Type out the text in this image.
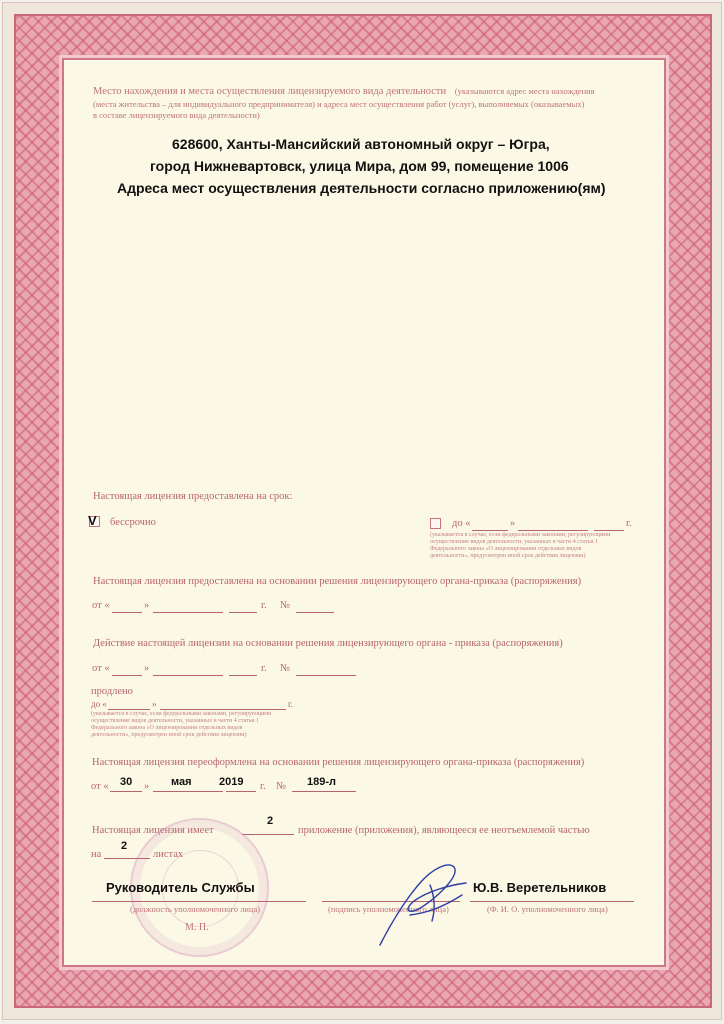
Место нахождения и места осуществления лицензируемого вида деятельности (указываются адрес места нахождения
(места жительства – для индивидуального предпринимателя) и адреса мест осуществления работ (услуг), выполняемых (оказываемых)
в составе лицензируемого вида деятельности)
628600, Ханты-Мансийский автономный округ – Югра,
город Нижневартовск, улица Мира, дом 99, помещение 1006
Адреса мест осуществления деятельности согласно приложению(ям)
Настоящая лицензия предоставлена на срок:
V бессрочно	до «	»	г.
(указывается в случае, если федеральными законами, регулирующими
осуществление видов деятельности, указанных в части 4 статьи 1
Федерального закона «О лицензировании отдельных видов
деятельности», предусмотрен иной срок действия лицензии)
Настоящая лицензия предоставлена на основании решения лицензирующего органа-приказа (распоряжения)
от «	»	г. №
Действие настоящей лицензии на основании решения лицензирующего органа - приказа (распоряжения)
от «	»	г. №
продлено
до «	»	г.
(указывается в случае, если федеральными законами, регулирующими
осуществление видов деятельности, указанных в части 4 статьи 1
Федерального закона «О лицензировании отдельных видов
деятельности», предусмотрен иной срок действия лицензии)
Настоящая лицензия переоформлена на основании решения лицензирующего органа-приказа (распоряжения)
от « 30 » мая 2019 г. № 189-л
Настоящая лицензия имеет
2
приложение (приложения), являющееся ее неотъемлемой частью
на
2
листах
Руководитель Службы
(должность уполномоченного лица)	(подпись уполномоченного лица)
Ю.В. Веретельников
(Ф. И. О. уполномоченного лица)
М. П.
